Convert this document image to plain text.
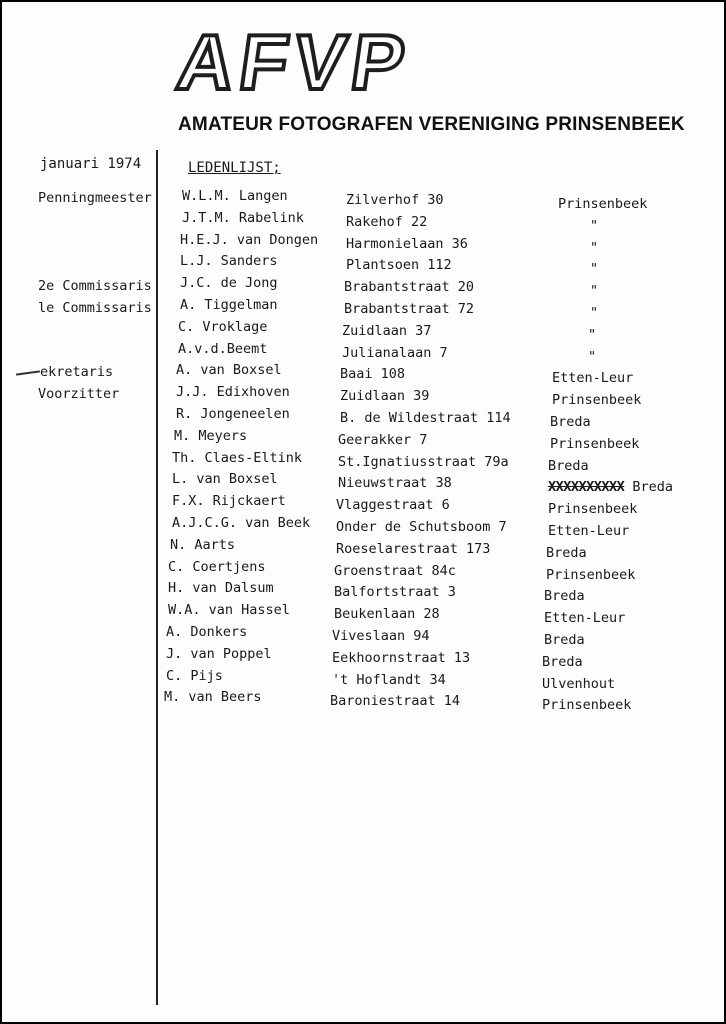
AFVP
AMATEUR FOTOGRAFEN VERENIGING PRINSENBEEK
januari 1974	LEDENLIJST;
Penningmeester
2e Commissaris
le Commissaris
ekretaris
Voorzitter
W.L.M. Langen	Zilverhof 30	Prinsenbeek
J.T.M. Rabelink	Rakehof 22	"
H.E.J. van Dongen Harmonielaan 36	"
L.J. Sanders	Plantsoen 112	"
J.C. de Jong	Brabantstraat 20	"
A. Tiggelman	Brabantstraat 72	"
C. Vroklage	Zuidlaan 37	"
A.v.d.Beemt	Julianalaan 7	"
A. van Boxsel	Baai 108	Etten-Leur
J.J. Edixhoven	Zuidlaan 39	Prinsenbeek
R. Jongeneelen	B. de Wildestraat 114	Breda
M. Meyers	Geerakker 7	Prinsenbeek
Th. Claes-Eltink	St.Ignatiusstraat 79a	Breda
L. van Boxsel	Nieuwstraat 38	XXXXXXXXXX Breda
F.X. Rijckaert	Vlaggestraat 6	Prinsenbeek
A.J.C.G. van Beek Onder de Schutsboom 7	Etten-Leur
N. Aarts	Roeselarestraat 173	Breda
C. Coertjens	Groenstraat 84c	Prinsenbeek
H. van Dalsum	Balfortstraat 3	Breda
W.A. van Hassel	Beukenlaan 28	Etten-Leur
A. Donkers	Viveslaan 94	Breda
J. van Poppel	Eekhoornstraat 13	Breda
C. Pijs	't Hoflandt 34	Ulvenhout
M. van Beers	Baroniestraat 14	Prinsenbeek
